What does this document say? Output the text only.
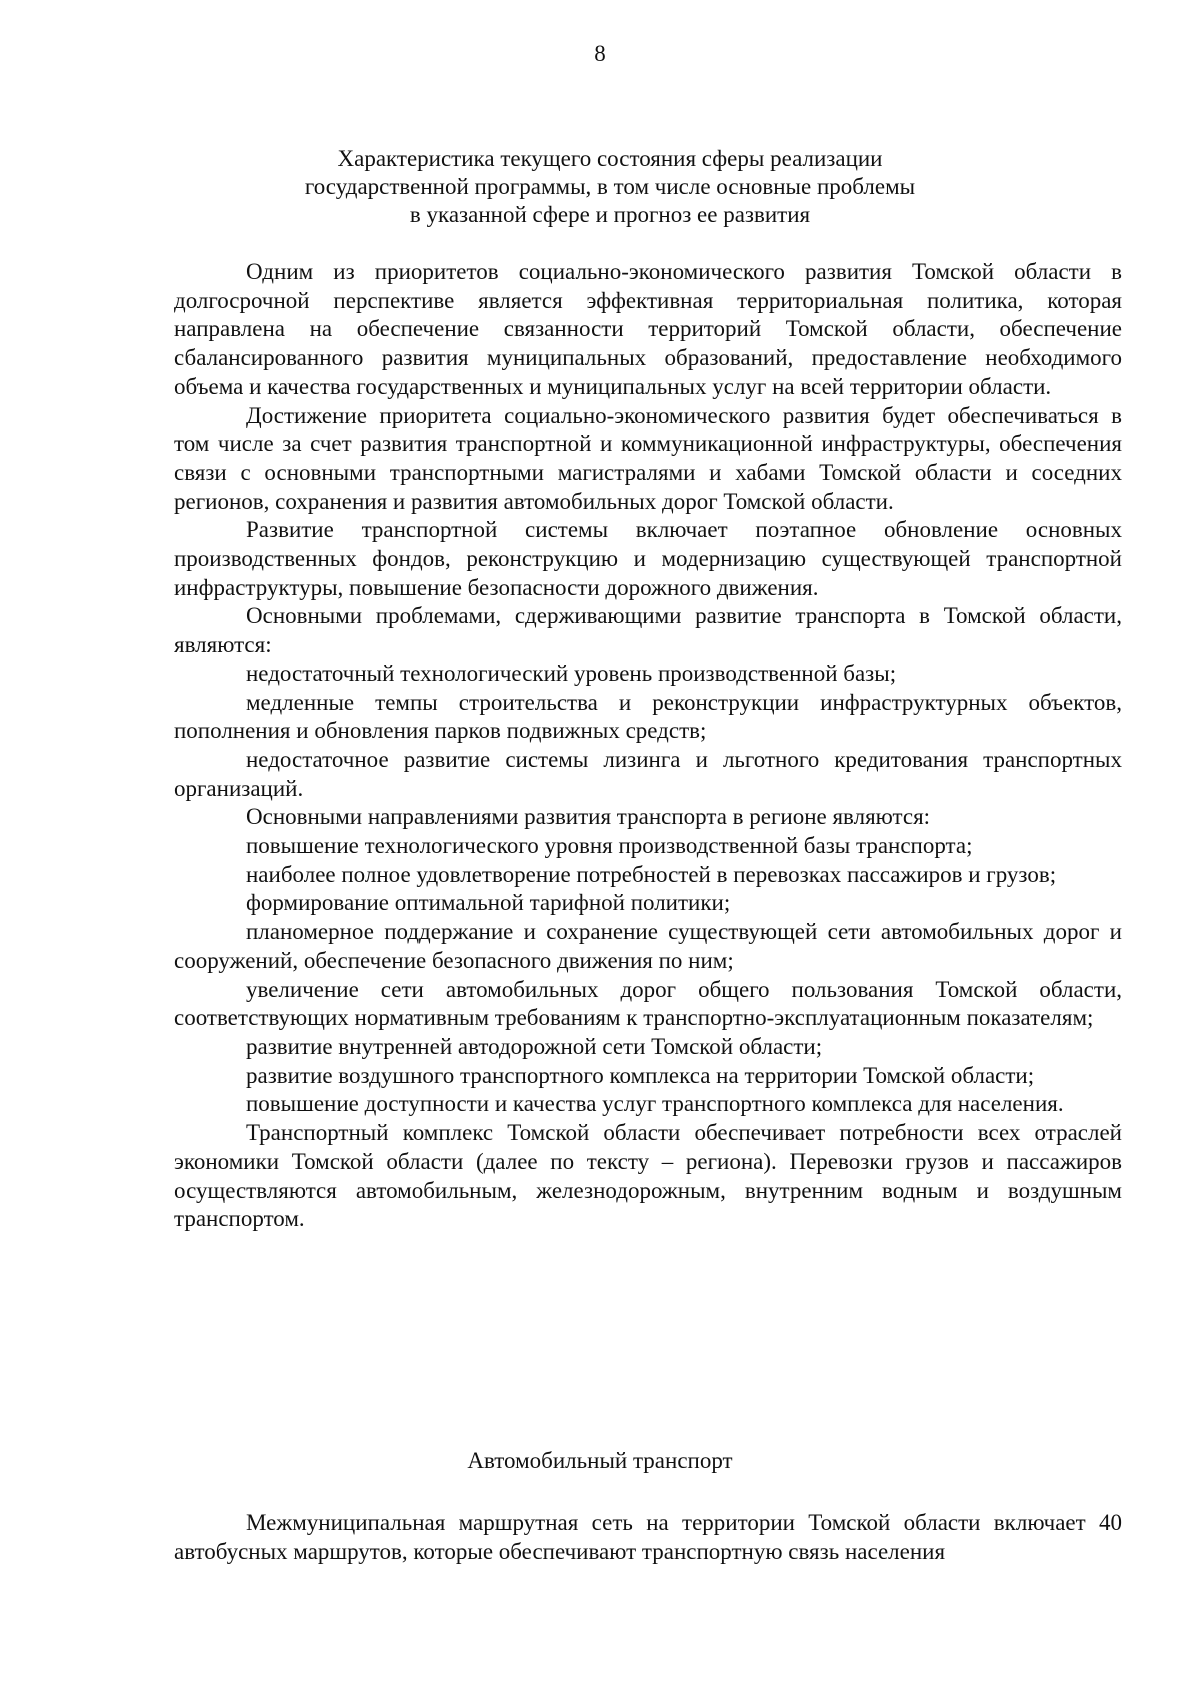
8
Характеристика текущего состояния сферы реализации
государственной программы, в том числе основные проблемы
в указанной сфере и прогноз ее развития

Одним из приоритетов социально-экономического развития Томской области в долгосрочной перспективе является эффективная территориальная политика, которая направлена на обеспечение связанности территорий Томской области, обеспечение сбалансированного развития муниципальных образований, предоставление необходимого объема и качества государственных и муниципальных услуг на всей территории области.

Достижение приоритета социально-экономического развития будет обеспечиваться в том числе за счет развития транспортной и коммуникационной инфраструктуры, обеспечения связи с основными транспортными магистралями и хабами Томской области и соседних регионов, сохранения и развития автомобильных дорог Томской области.

Развитие транспортной системы включает поэтапное обновление основных производственных фондов, реконструкцию и модернизацию существующей транспортной инфраструктуры, повышение безопасности дорожного движения.

Основными проблемами, сдерживающими развитие транспорта в Томской области, являются:

недостаточный технологический уровень производственной базы;

медленные темпы строительства и реконструкции инфраструктурных объектов, пополнения и обновления парков подвижных средств;

недостаточное развитие системы лизинга и льготного кредитования транспортных организаций.

Основными направлениями развития транспорта в регионе являются:

повышение технологического уровня производственной базы транспорта;

наиболее полное удовлетворение потребностей в перевозках пассажиров и грузов;

формирование оптимальной тарифной политики;

планомерное поддержание и сохранение существующей сети автомобильных дорог и сооружений, обеспечение безопасного движения по ним;

увеличение сети автомобильных дорог общего пользования Томской области, соответствующих нормативным требованиям к транспортно-эксплуатационным показателям;

развитие внутренней автодорожной сети Томской области;

развитие воздушного транспортного комплекса на территории Томской области;

повышение доступности и качества услуг транспортного комплекса для населения.

Транспортный комплекс Томской области обеспечивает потребности всех отраслей экономики Томской области (далее по тексту – региона). Перевозки грузов и пассажиров осуществляются автомобильным, железнодорожным, внутренним водным и воздушным транспортом.

Автомобильный транспорт

Межмуниципальная маршрутная сеть на территории Томской области включает 40 автобусных маршрутов, которые обеспечивают транспортную связь населения
